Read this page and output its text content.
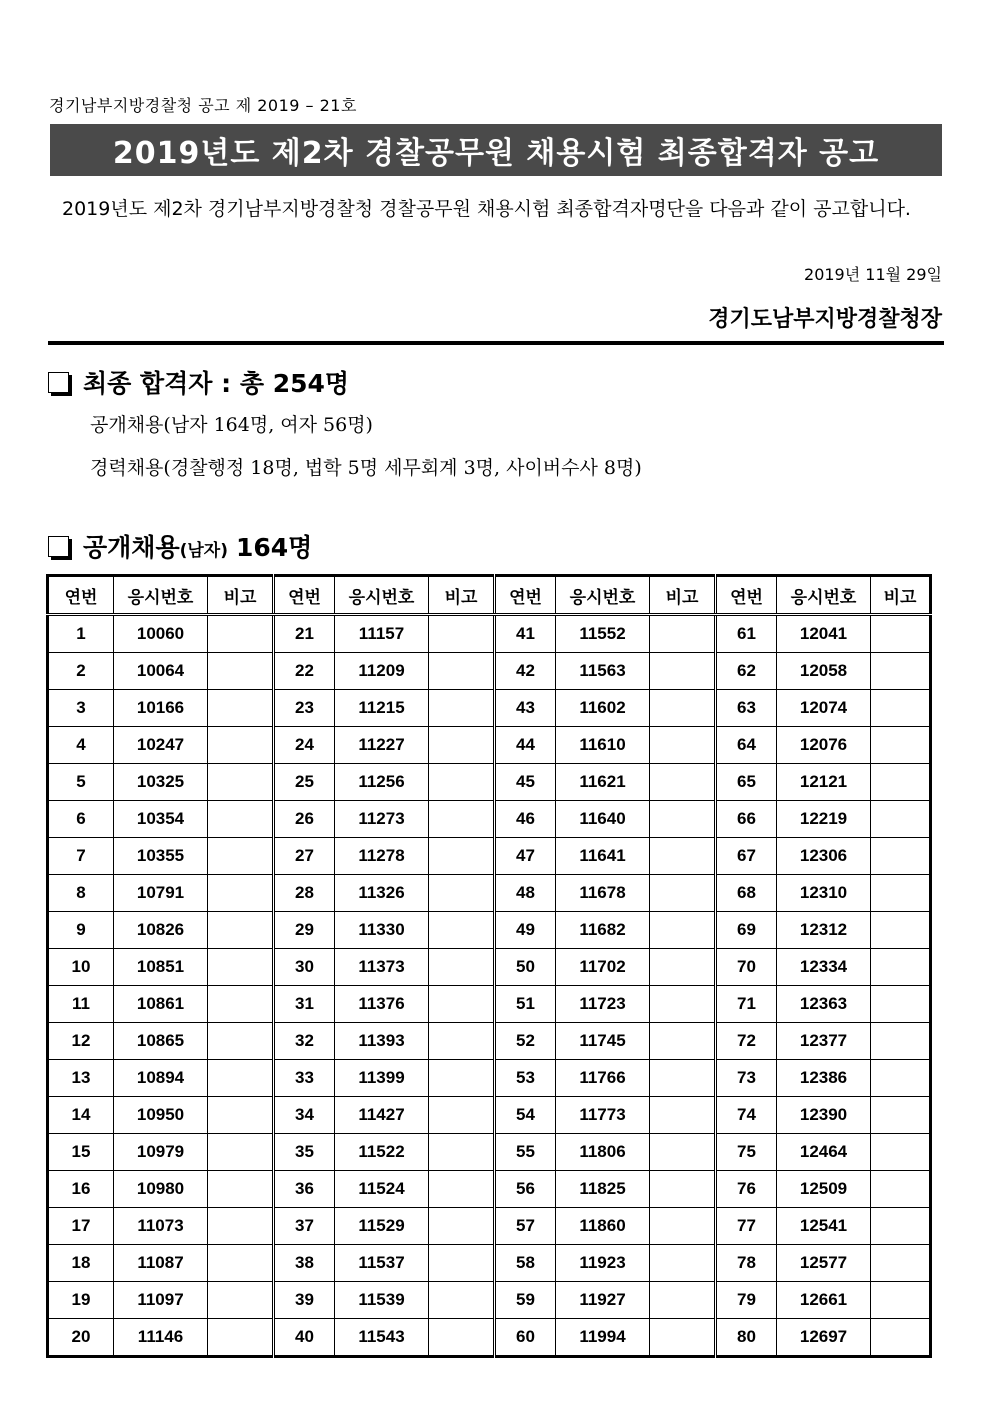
경기남부지방경찰청 공고 제 2019 – 21호
2019년도 제2차 경찰공무원 채용시험 최종합격자 공고
2019년도 제2차 경기남부지방경찰청 경찰공무원 채용시험 최종합격자명단을 다음과 같이 공고합니다.
2019년 11월 29일
경기도남부지방경찰청장
최종 합격자 : 총 254명
공개채용(남자 164명, 여자 56명)
경력채용(경찰행정 18명, 법학 5명 세무회계 3명, 사이버수사 8명)
공개채용 (남자) 164명
연번	응시번호	비고	연번	응시번호	비고	연번	응시번호	비고	연번	응시번호	비고
1	10060		21	11157		41	11552		61	12041	
2	10064		22	11209		42	11563		62	12058	
3	10166		23	11215		43	11602		63	12074	
4	10247		24	11227		44	11610		64	12076	
5	10325		25	11256		45	11621		65	12121	
6	10354		26	11273		46	11640		66	12219	
7	10355		27	11278		47	11641		67	12306	
8	10791		28	11326		48	11678		68	12310	
9	10826		29	11330		49	11682		69	12312	
10	10851		30	11373		50	11702		70	12334	
11	10861		31	11376		51	11723		71	12363	
12	10865		32	11393		52	11745		72	12377	
13	10894		33	11399		53	11766		73	12386	
14	10950		34	11427		54	11773		74	12390	
15	10979		35	11522		55	11806		75	12464	
16	10980		36	11524		56	11825		76	12509	
17	11073		37	11529		57	11860		77	12541	
18	11087		38	11537		58	11923		78	12577	
19	11097		39	11539		59	11927		79	12661	
20	11146		40	11543		60	11994		80	12697	
